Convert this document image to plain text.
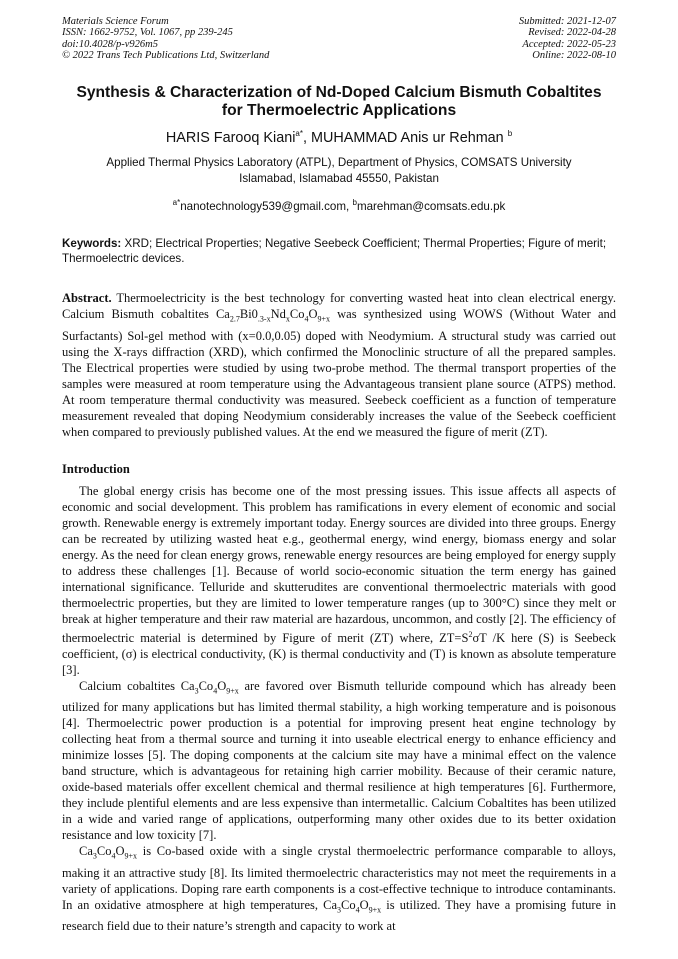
Materials Science Forum
ISSN: 1662-9752, Vol. 1067, pp 239-245
doi:10.4028/p-v926m5
© 2022 Trans Tech Publications Ltd, Switzerland
Submitted: 2021-12-07
Revised: 2022-04-28
Accepted: 2022-05-23
Online: 2022-08-10
Synthesis & Characterization of Nd-Doped Calcium Bismuth Cobaltites
for Thermoelectric Applications
HARIS Farooq Kiani$^{a*}$, MUHAMMAD Anis ur Rehman $^b$
Applied Thermal Physics Laboratory (ATPL), Department of Physics, COMSATS University
Islamabad, Islamabad 45550, Pakistan
$^{a*}$nanotechnology539@gmail.com, $^b$marehman@comsats.edu.pk
Keywords: XRD; Electrical Properties; Negative Seebeck Coefficient; Thermal Properties; Figure of merit; Thermoelectric devices.
Abstract. Thermoelectricity is the best technology for converting wasted heat into clean electrical energy. Calcium Bismuth cobaltites $Ca_{2.7}Bi0_{.3-x}Nd_xCo_4O_{9+x}$ was synthesized using WOWS (Without Water and Surfactants) Sol-gel method with (x=0.0,0.05) doped with Neodymium. A structural study was carried out using the X-rays diffraction (XRD), which confirmed the Monoclinic structure of all the prepared samples. The Electrical properties were studied by using two-probe method. The thermal transport properties of the samples were measured at room temperature using the Advantageous transient plane source (ATPS) method. At room temperature thermal conductivity was measured. Seebeck coefficient as a function of temperature measurement revealed that doping Neodymium considerably increases the value of the Seebeck coefficient when compared to previously published values. At the end we measured the figure of merit (ZT).
Introduction
The global energy crisis has become one of the most pressing issues. This issue affects all aspects of economic and social development. This problem has ramifications in every element of economic and social growth. Renewable energy is extremely important today. Energy sources are divided into three groups. Energy can be recreated by utilizing wasted heat e.g., geothermal energy, wind energy, biomass energy and solar energy. As the need for clean energy grows, renewable energy resources are being employed for energy supply to address these challenges [1]. Because of world socio-economic situation the term energy has gained international significance. Telluride and skutterudites are conventional thermoelectric materials with good thermoelectric properties, but they are limited to lower temperature ranges (up to 300°C) since they melt or break at higher temperature and their raw material are hazardous, uncommon, and costly [2]. The efficiency of thermoelectric material is determined by Figure of merit (ZT) where, $ZT=S^2\sigma T$ /K here (S) is Seebeck coefficient, (σ) is electrical conductivity, (K) is thermal conductivity and (T) is known as absolute temperature [3].
Calcium cobaltites $Ca_3Co_4O_{9+x}$ are favored over Bismuth telluride compound which has already been utilized for many applications but has limited thermal stability, a high working temperature and is poisonous [4]. Thermoelectric power production is a potential for improving present heat engine technology by collecting heat from a thermal source and turning it into useable electrical energy to enhance efficiency and minimize losses [5]. The doping components at the calcium site may have a minimal effect on the valence band structure, which is advantageous for retaining high carrier mobility. Because of their ceramic nature, oxide-based materials offer excellent chemical and thermal resilience at high temperatures [6]. Furthermore, they include plentiful elements and are less expensive than intermetallic. Calcium Cobaltites has been utilized in a wide and varied range of applications, outperforming many other oxides due to its better oxidation resistance and low toxicity [7].
$Ca_3Co_4O_{9+x}$ is Co-based oxide with a single crystal thermoelectric performance comparable to alloys, making it an attractive study [8]. Its limited thermoelectric characteristics may not meet the requirements in a variety of applications. Doping rare earth components is a cost-effective technique to introduce contaminants. In an oxidative atmosphere at high temperatures, $Ca_3Co_4O_{9+x}$ is utilized. They have a promising future in research field due to their nature’s strength and capacity to work at
